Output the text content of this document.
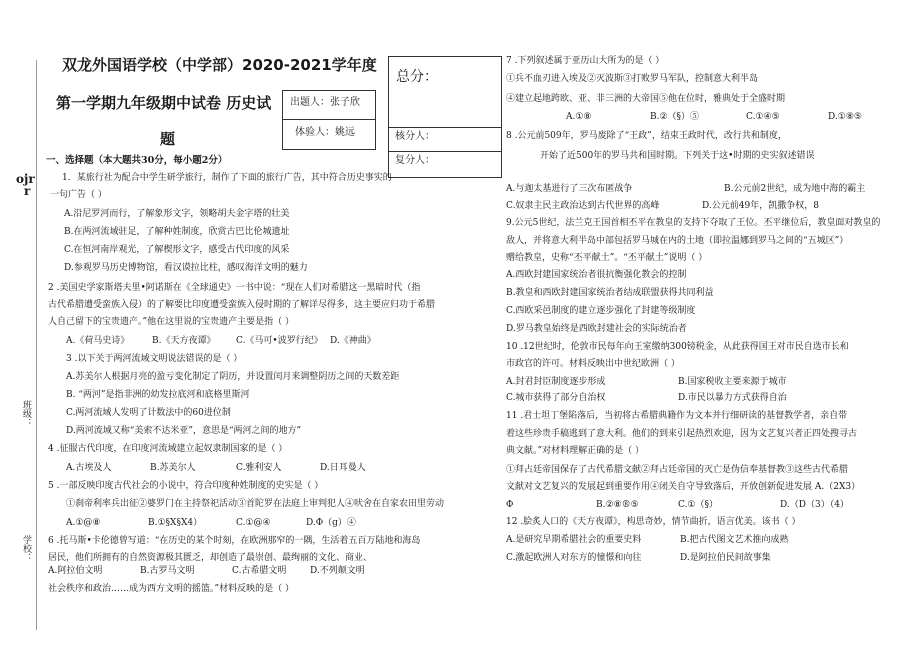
双龙外国语学校（中学部）2020-2021学年度
第一学期九年级期中试卷 历史试
题
出题人：张子欣
体验人：姚远
总分：
核分人：
复分人：
ojr
r
班级：
学校：
一、选择题（本大题共30分，每小题2分）
1．某旅行社为配合中学生研学旅行，制作了下面的旅行广告，其中符合历史事实的
一句广告（ ）
A.沿尼罗河而行，了解象形文字，领略胡夫金字塔的壮美
B.在两河流域驻足，了解种姓制度，欣赏古巴比伦城遗址
C.在恒河南岸观光，了解楔形文字，感受古代印度的风采
D.参观罗马历史博物馆，看汉谟拉比柱，感叹海洋文明的魅力
2 .美国史学家斯塔夫里•阿诺斯在《全球通史》一书中说：“现在人们对希腊这一黑暗时代（指
古代希腊遭受蛮族入侵）的了解要比印度遭受蛮族入侵时期的了解详尽得多，这主要应归功于希腊
人自己留下的宝贵遗产。”他在这里说的宝贵遗产主要是指（ ）
A.《荷马史诗》	B.《天方夜谭》 C.《马可•波罗行纪》 D.《神曲》
3 .以下关于两河流域文明说法错误的是（ ）
A.苏美尔人根据月亮的盈亏变化制定了阴历，并设置闰月来调整阴历之间的天数差距
B. “两河”是指非洲的幼发拉底河和底格里斯河
C.两河流域人发明了计数法中的60进位制
D.两河流域又称“美索不达米亚”，意思是“两河之间的地方”
4 .征服古代印度，在印度河流域建立起奴隶制国家的是（ ）
A.古埃及人	B.苏美尔人	C.雅利安人	D.日耳曼人
5 .一部反映印度古代社会的小说中，符合印度种姓制度的史实是（ ）
①刹帝利率兵出征②婆罗门在主持祭祀活动③首陀罗在法庭上审判犯人④吠舍在自家农田里劳动
A.①@⑧	B.①§X§X4）	C.①@④	D.Φ（g）④
6 .托马斯•卡伦德曾写道：“在历史的某个时刻，在欧洲那窄的一隅，生活着五百万陆地和海岛
居民，他们所拥有的自然资源极其匮乏，却创造了最崇创、最绚丽的文化、商业、
A.阿拉伯文明	B.古罗马文明	C.古希腊文明	D.不列颠文明
社会秩序和政治……成为西方文明的摇篮。”材料反映的是（ ）
7 .下列叙述属于亚历山大所为的是（ ）
①兵不血刃进入埃及②灭波斯③打败罗马军队，控制意大利半岛
④建立起地跨欧、亚、非三洲的大帝国⑤他在位时，雅典处于全盛时期
A.①⑧	B.②（§）⑤	C.①④⑤	D.①⑧⑤
8 .公元前509年，罗马废除了“王政”，结束王政时代，改行共和制度，
开始了近500年的罗马共和国时期。下列关于这•时期的史实叙述错误
A.与迦太基进行了三次布匿战争	B.公元前2世纪，成为地中海的霸主
C.奴隶主民主政治达到古代世界的高峰	D.公元前49年，凯撒争权，8
9.公元5世纪，法兰克王国首相丕平在教皇的支持下夺取了王位。丕平继位后，教皇面对教皇的
敌人，并将意大利半岛中部包括罗马城在内的土地（即拉温娜到罗马之间的“五城区”）
赠给教皇，史称“丕平献土”。“丕平献土”说明（ ）
A.西欧封建国家统治者很抗衡强化教会的控制
B.教皇和西欧封建国家统治者结成联盟获得共同利益
C.西欧采邑制度的建立逐步强化了封建等级制度
D.罗马教皇始终是西欧封建社会的实际统治者
10 .12世纪时，伦敦市民每年向王室缴纳300镑税金，从此获得国王对市民自选市长和
市政官的许可。材料反映出中世纪欧洲（ ）
A.封君封臣制度逐步形成	B.国家税收主要来源于城市
C.城市获得了部分自治权	D.市民以暴力方式获得自治
11 .君士坦丁堡陷落后，当初将古希腊典籍作为文本并行细研读的基督教学者，亲自带
着这些珍贵手稿逃到了意大利。他们的到来引起热烈欢迎，因为文艺复兴者正四处搜寻古
典文献。”对材料理解正确的是（ ）
①拜占廷帝国保存了古代希腊文献②拜占廷帝国的灭亡是伪信奉基督教③这些古代希腊
文献对文艺复兴的发展起到重要作用④闭关自守导致落后，开放创新促进发展 A.（2X3）
Φ	B.②⑧®⑤	C.①（§）	D.（D（3）（4）
12 .脍炙人口的《天方夜谭》，构思奇妙，情节曲折，语言优美。该书（ ）
A.是研究早期希腊社会的重要史料	B.把古代图文艺术推向成熟
C.激起欧洲人对东方的憧憬和向往	D.是阿拉伯民间故事集
